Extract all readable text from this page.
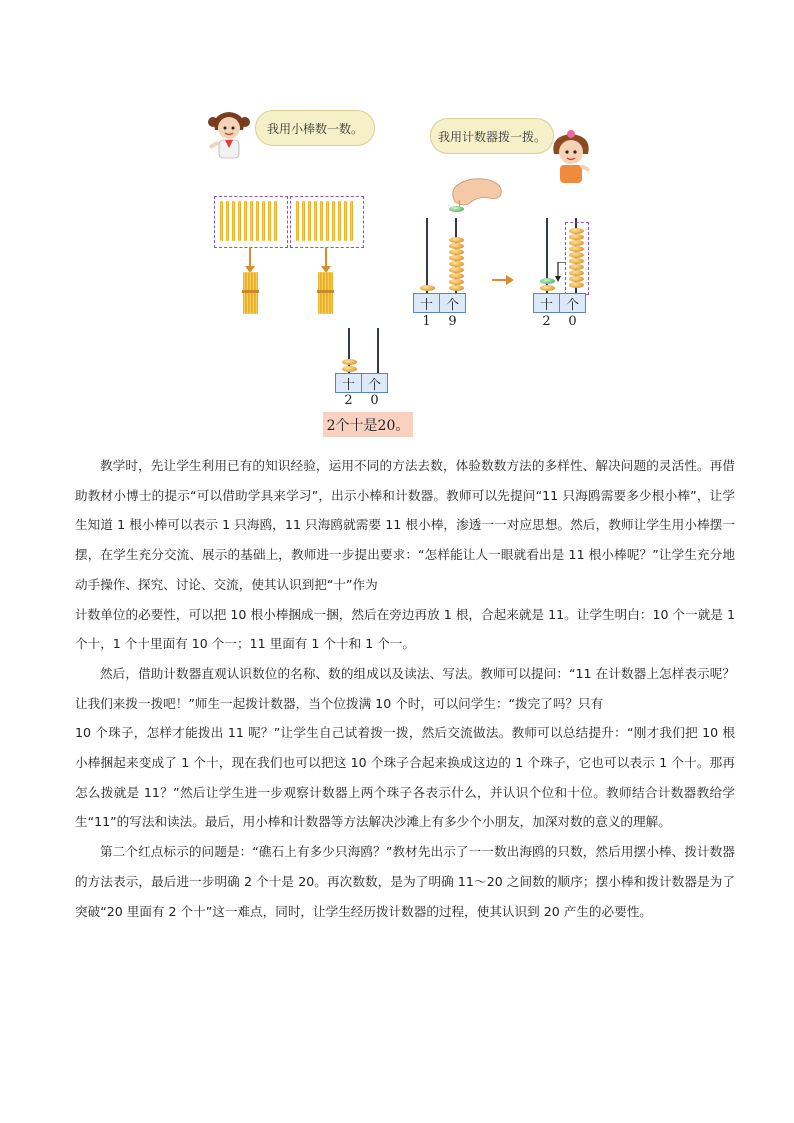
我用小棒数一数。
我用计数器拨一拨。
十 个
1	9
十 个
2	0
十 个
2	0
2个十是20。

教学时，先让学生利用已有的知识经验，运用不同的方法去数，体验数数方法的多样性、解决问题的灵活性。再借助教材小博士的提示“可以借助学具来学习”，出示小棒和计数器。教师可以先提问“11 只海鸥需要多少根小棒”，让学生知道 1 根小棒可以表示 1 只海鸥，11 只海鸥就需要 11 根小棒，渗透一一对应思想。然后，教师让学生用小棒摆一摆，在学生充分交流、展示的基础上，教师进一步提出要求：“怎样能让人一眼就看出是 11 根小棒呢？”让学生充分地动手操作、探究、讨论、交流，使其认识到把“十”作为

计数单位的必要性，可以把 10 根小棒捆成一捆，然后在旁边再放 1 根，合起来就是 11。让学生明白：10 个一就是 1 个十，1 个十里面有 10 个一；11 里面有 1 个十和 1 个一。

然后，借助计数器直观认识数位的名称、数的组成以及读法、写法。教师可以提问：“11 在计数器上怎样表示呢？让我们来拨一拨吧！”师生一起拨计数器，当个位拨满 10 个时，可以问学生：“拨完了吗？只有

10 个珠子，怎样才能拨出 11 呢？”让学生自己试着拨一拨，然后交流做法。教师可以总结提升：“刚才我们把 10 根小棒捆起来变成了 1 个十，现在我们也可以把这 10 个珠子合起来换成这边的 1 个珠子，它也可以表示 1 个十。那再怎么拨就是 11？”然后让学生进一步观察计数器上两个珠子各表示什么，并认识个位和十位。教师结合计数器教给学生“11”的写法和读法。最后，用小棒和计数器等方法解决沙滩上有多少个小朋友，加深对数的意义的理解。

第二个红点标示的问题是：“礁石上有多少只海鸥？”教材先出示了一一数出海鸥的只数，然后用摆小棒、拨计数器的方法表示，最后进一步明确 2 个十是 20。再次数数，是为了明确 11～20 之间数的顺序；摆小棒和拨计数器是为了突破“20 里面有 2 个十”这一难点，同时，让学生经历拨计数器的过程，使其认识到 20 产生的必要性。
